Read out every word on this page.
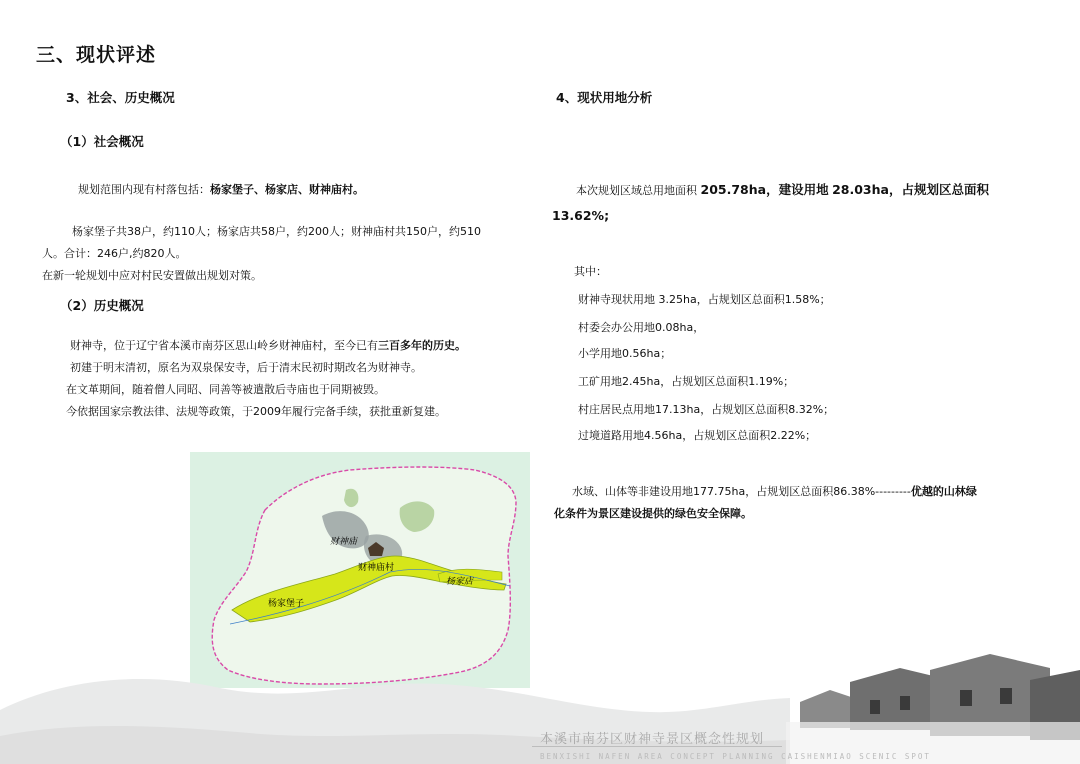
三、现状评述
3、社会、历史概况
（1）社会概况
规划范围内现有村落包括：杨家堡子、杨家店、财神庙村。
杨家堡子共38户，约110人；杨家店共58户，约200人；财神庙村共150户，约510
人。合计：246户,约820人。
在新一轮规划中应对村民安置做出规划对策。
（2）历史概况
财神寺，位于辽宁省本溪市南芬区思山岭乡财神庙村，至今已有三百多年的历史。
初建于明末清初，原名为双泉保安寺，后于清末民初时期改名为财神寺。
在文革期间，随着僧人同昭、同善等被遣散后寺庙也于同期被毁。
今依据国家宗教法律、法规等政策，于2009年履行完备手续，获批重新复建。
财神庙
财神庙村
杨家店
杨家堡子
4、现状用地分析
本次规划区域总用地面积 205.78ha，建设用地 28.03ha，占规划区总面积
13.62%;
其中：
财神寺现状用地 3.25ha，占规划区总面积1.58%；
村委会办公用地0.08ha，
小学用地0.56ha；
工矿用地2.45ha，占规划区总面积1.19%；
村庄居民点用地17.13ha，占规划区总面积8.32%；
过境道路用地4.56ha，占规划区总面积2.22%；
水域、山体等非建设用地177.75ha，占规划区总面积86.38%---------优越的山林绿
化条件为景区建设提供的绿色安全保障。
本溪市南芬区财神寺景区概念性规划
BENXISHI NAFEN AREA CONCEPT PLANNING CAISHENMIAO SCENIC SPOT
